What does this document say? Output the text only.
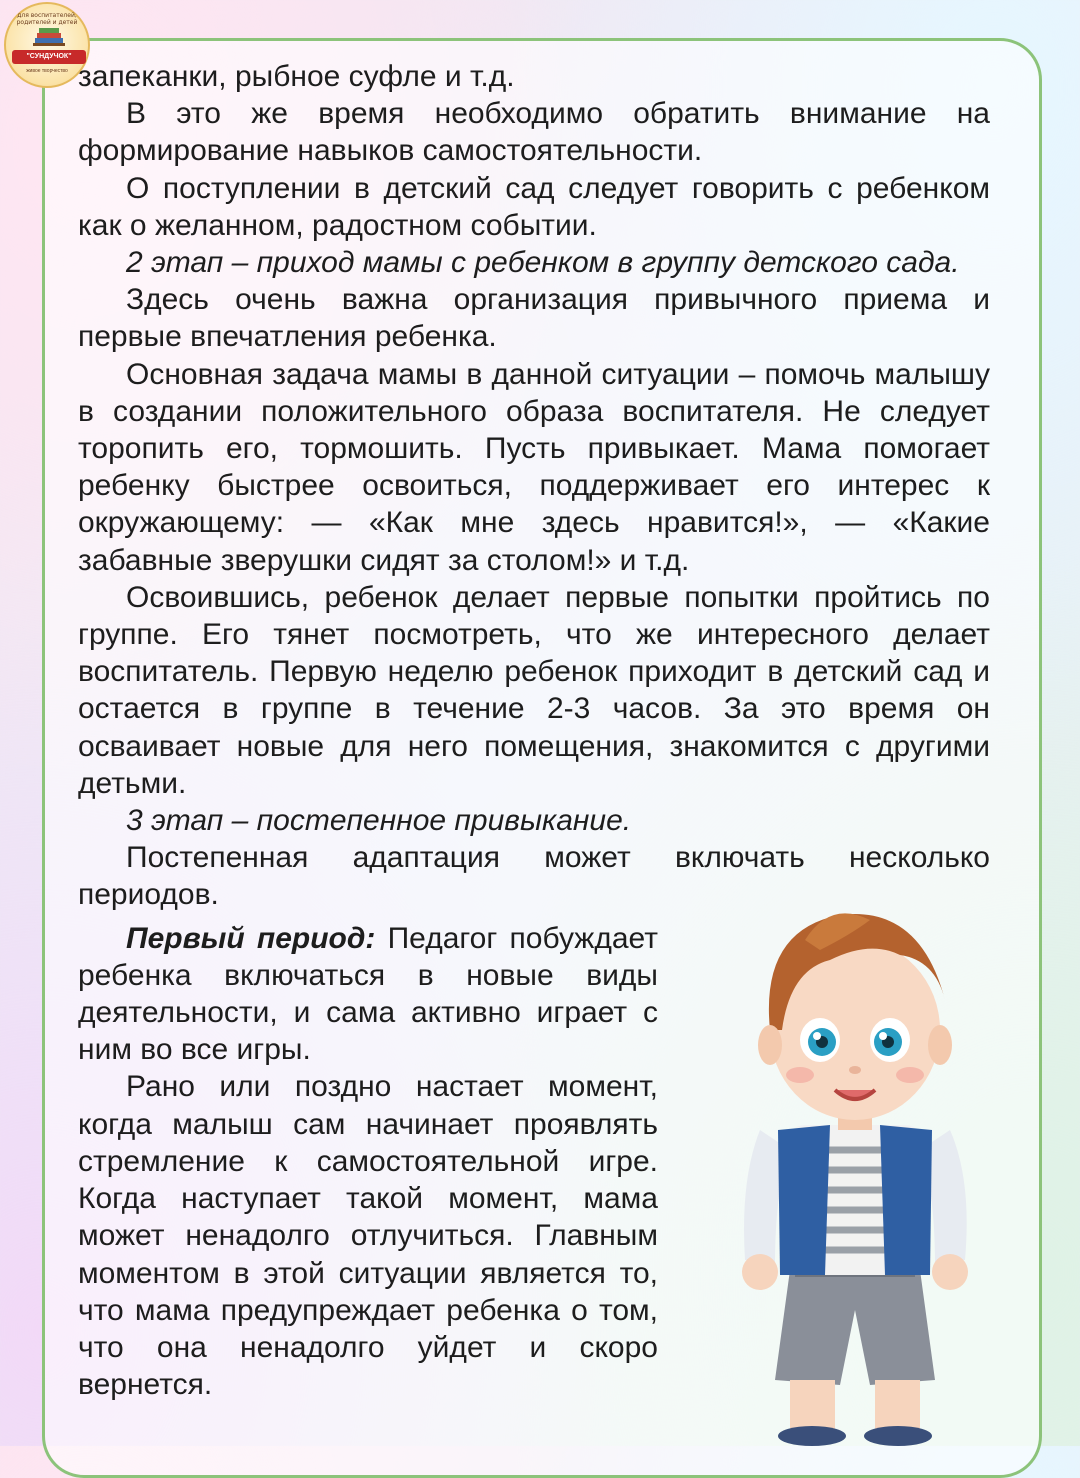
для воспитателей, родителей и детей
"СУНДУЧОК"
живое творчество запеканки, рыбное суфле и т.д.

В это же время необходимо обратить внимание на формирование навыков самостоятельности.

О поступлении в детский сад следует говорить с ребенком как о желанном, радостном событии.

2 этап – приход мамы с ребенком в группу детского сада.

Здесь очень важна организация привычного приема и первые впечатления ребенка.

Основная задача мамы в данной ситуации – помочь малышу в создании положительного образа воспитателя. Не следует торопить его, тормошить. Пусть привыкает. Мама помогает ребенку быстрее освоиться, поддерживает его интерес к окружающему: — «Как мне здесь нравится!», — «Какие забавные зверушки сидят за столом!» и т.д.

Освоившись, ребенок делает первые попытки пройтись по группе. Его тянет посмотреть, что же интересного делает воспитатель. Первую неделю ребенок приходит в детский сад и остается в группе в течение 2-3 часов. За это время он осваивает новые для него помещения, знакомится с другими детьми.

3 этап – постепенное привыкание.

Постепенная адаптация может включать несколько периодов.

Первый период: Педагог побуждает ребенка включаться в новые виды деятельности, и сама активно играет с ним во все игры.

Рано или поздно настает момент, когда малыш сам начинает проявлять стремление к самостоятельной игре. Когда наступает такой момент, мама может ненадолго отлучиться. Главным моментом в этой ситуации является то, что мама предупреждает ребенка о том, что она ненадолго уйдет и скоро вернется.
